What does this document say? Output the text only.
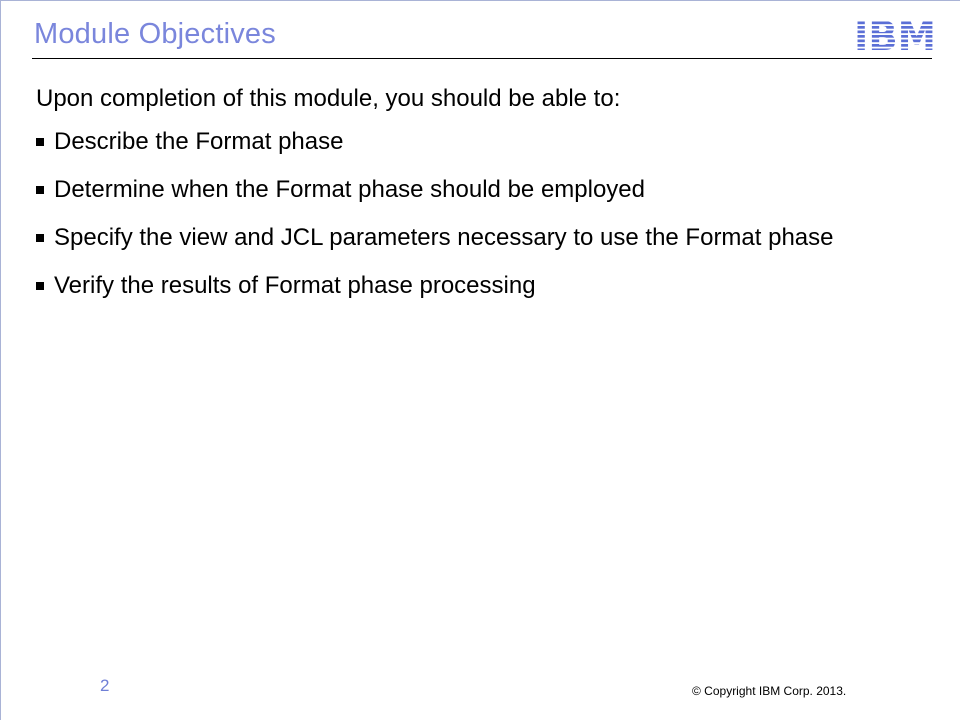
Module Objectives
Upon completion of this module, you should be able to:
Describe the Format phase
Determine when the Format phase should be employed
Specify the view and JCL parameters necessary to use the Format phase
Verify the results of Format phase processing
2	© Copyright IBM Corp. 2013.
